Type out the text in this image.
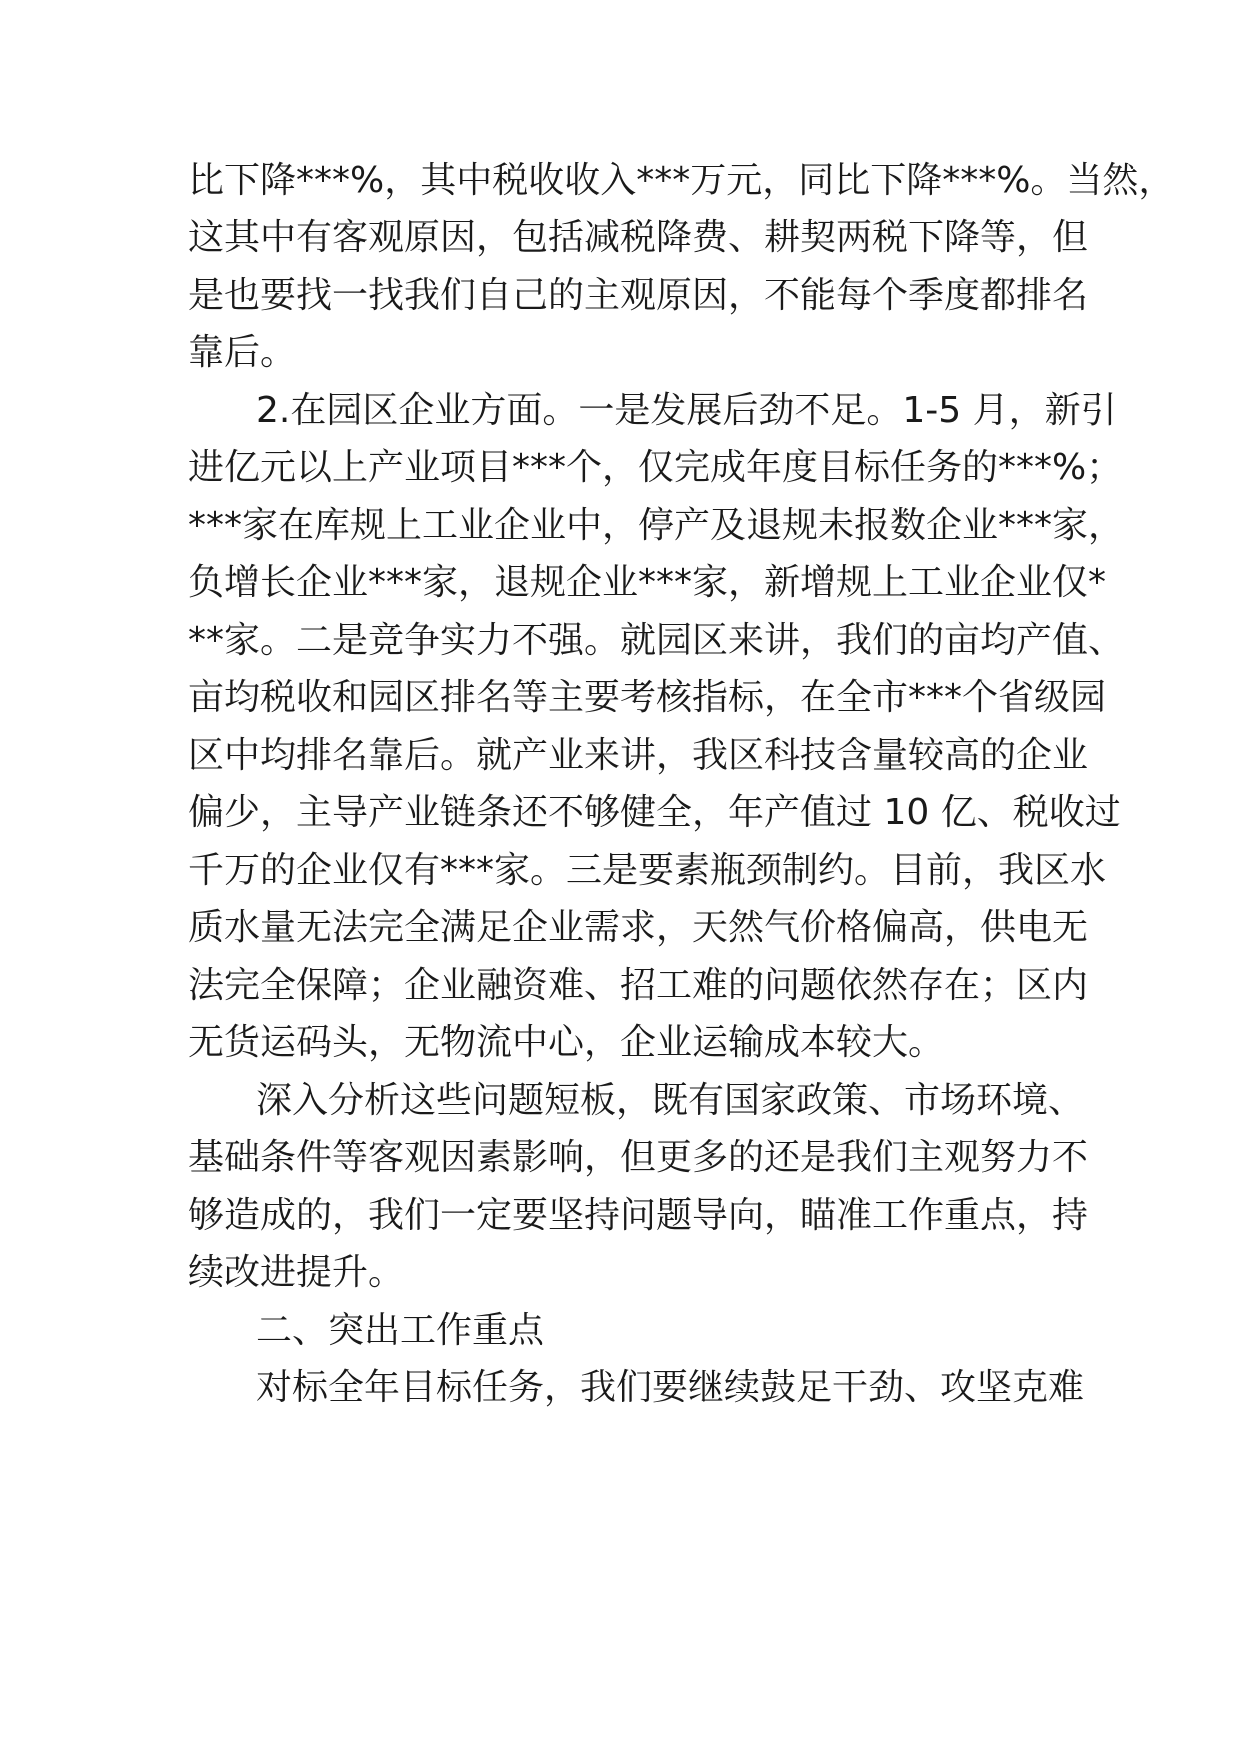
比下降***%，其中税收收入***万元，同比下降***%。当然，

这其中有客观原因，包括减税降费、耕契两税下降等，但

是也要找一找我们自己的主观原因，不能每个季度都排名

靠后。

2.在园区企业方面。一是发展后劲不足。1-5 月，新引

进亿元以上产业项目***个，仅完成年度目标任务的***%；

***家在库规上工业企业中，停产及退规未报数企业***家，

负增长企业***家，退规企业***家，新增规上工业企业仅*

**家。二是竞争实力不强。就园区来讲，我们的亩均产值、

亩均税收和园区排名等主要考核指标，在全市***个省级园

区中均排名靠后。就产业来讲，我区科技含量较高的企业

偏少，主导产业链条还不够健全，年产值过 10 亿、税收过

千万的企业仅有***家。三是要素瓶颈制约。目前，我区水

质水量无法完全满足企业需求，天然气价格偏高，供电无

法完全保障；企业融资难、招工难的问题依然存在；区内

无货运码头，无物流中心，企业运输成本较大。

深入分析这些问题短板，既有国家政策、市场环境、

基础条件等客观因素影响，但更多的还是我们主观努力不

够造成的，我们一定要坚持问题导向，瞄准工作重点，持

续改进提升。

二、突出工作重点

对标全年目标任务，我们要继续鼓足干劲、攻坚克难
